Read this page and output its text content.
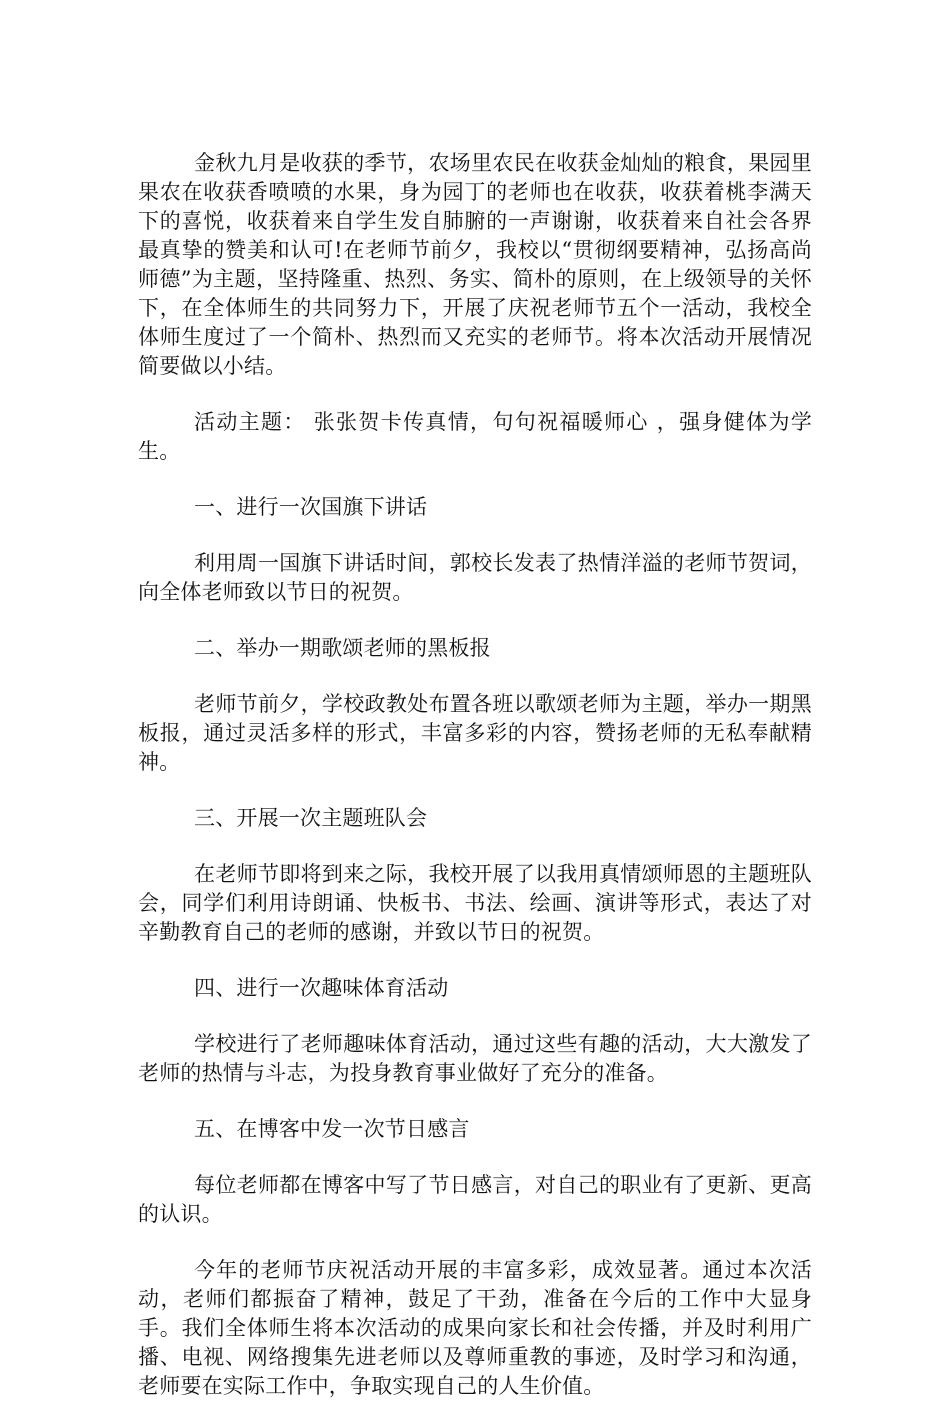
金秋九月是收获的季节，农场里农民在收获金灿灿的粮食，果园里果农在收获香喷喷的水果，身为园丁的老师也在收获，收获着桃李满天下的喜悦，收获着来自学生发自肺腑的一声谢谢，收获着来自社会各界最真挚的赞美和认可!在老师节前夕，我校以“贯彻纲要精神，弘扬高尚师德”为主题，坚持隆重、热烈、务实、简朴的原则，在上级领导的关怀下，在全体师生的共同努力下，开展了庆祝老师节五个一活动，我校全体师生度过了一个简朴、热烈而又充实的老师节。将本次活动开展情况简要做以小结。

活动主题： 张张贺卡传真情，句句祝福暖师心 ，强身健体为学生。

一、进行一次国旗下讲话

利用周一国旗下讲话时间，郭校长发表了热情洋溢的老师节贺词，向全体老师致以节日的祝贺。

二、举办一期歌颂老师的黑板报

老师节前夕，学校政教处布置各班以歌颂老师为主题，举办一期黑板报，通过灵活多样的形式，丰富多彩的内容，赞扬老师的无私奉献精神。

三、开展一次主题班队会

在老师节即将到来之际，我校开展了以我用真情颂师恩的主题班队会，同学们利用诗朗诵、快板书、书法、绘画、演讲等形式，表达了对辛勤教育自己的老师的感谢，并致以节日的祝贺。

四、进行一次趣味体育活动

学校进行了老师趣味体育活动，通过这些有趣的活动，大大激发了老师的热情与斗志，为投身教育事业做好了充分的准备。

五、在博客中发一次节日感言

每位老师都在博客中写了节日感言，对自己的职业有了更新、更高的认识。

今年的老师节庆祝活动开展的丰富多彩，成效显著。通过本次活动，老师们都振奋了精神，鼓足了干劲，准备在今后的工作中大显身手。我们全体师生将本次活动的成果向家长和社会传播，并及时利用广播、电视、网络搜集先进老师以及尊师重教的事迹，及时学习和沟通，老师要在实际工作中，争取实现自己的人生价值。
